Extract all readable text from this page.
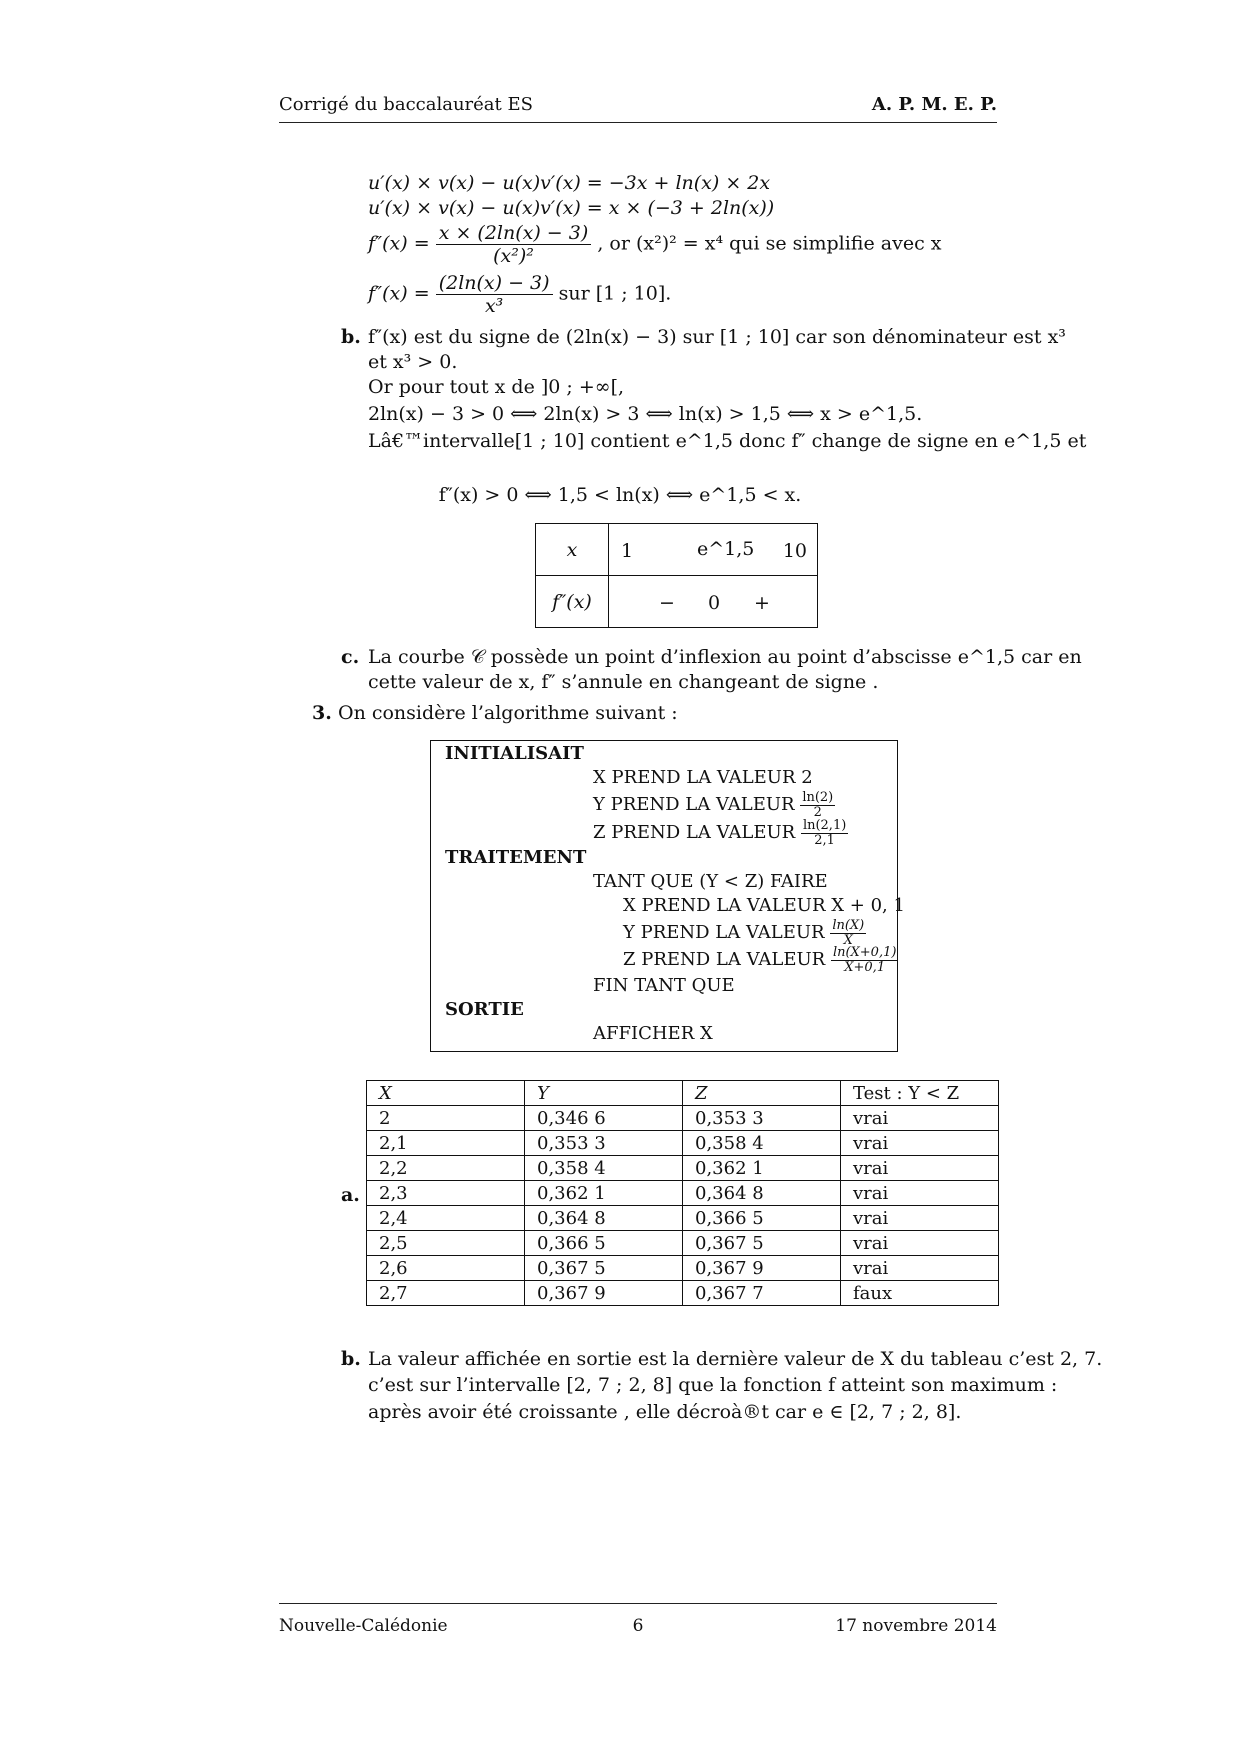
Corrigé du baccalauréat ES	A. P. M. E. P.
u′(x) × v(x) − u(x)v′(x) = −3x + ln(x) × 2x
u′(x) × v(x) − u(x)v′(x) = x × (−3 + 2ln(x))
$f''(x) = \frac{x \times (2\ln(x) - 3)}{\text{(x²)²}}$ , or (x²)² = x⁴ qui se simplifie avec x
$f''(x) = \frac{(2\ln(x) - 3)}{\text{x³}}$ sur [1 ; 10].
b. f″(x) est du signe de (2ln(x) − 3) sur [1 ; 10] car son dénominateur est x³
et x³ > 0.
Or pour tout x de ]0 ; +∞[,
2ln(x) − 3 > 0 ⟺ 2ln(x) > 3 ⟺ ln(x) > 1,5 ⟺ x > e^1,5.
Lâ€™intervalle[1 ; 10] contient e^1,5 donc f″ change de signe en e^1,5 et
f″(x) > 0 ⟺ 1,5 < ln(x) ⟺ e^1,5 < x.
x	1 e^1,5 10

f″(x)	− 0 +
c. La courbe 𝒞 possède un point d’inflexion au point d’abscisse e^1,5 car en
cette valeur de x, f″ s’annule en changeant de signe .
3. On considère l’algorithme suivant :
INITIALISAIT
X PREND LA VALEUR 2
Y PREND LA VALEUR $\frac{\ln(2)}{2}$
Z PREND LA VALEUR $\frac{\ln(2,1)}{2,1}$
TRAITEMENT
TANT QUE (Y < Z) FAIRE
X PREND LA VALEUR X + 0, 1
Y PREND LA VALEUR $\frac{\ln(X)}{X}$
Z PREND LA VALEUR $\frac{\ln(X+0,1)}{X+0,1}$
FIN TANT QUE
SORTIE
AFFICHER X
a.
X	Y	Z	Test : Y < Z
2	0,346 6	0,353 3	vrai
2,1	0,353 3	0,358 4	vrai
2,2	0,358 4	0,362 1	vrai
2,3	0,362 1	0,364 8	vrai
2,4	0,364 8	0,366 5	vrai
2,5	0,366 5	0,367 5	vrai
2,6	0,367 5	0,367 9	vrai
2,7	0,367 9	0,367 7	faux
b. La valeur affichée en sortie est la dernière valeur de X du tableau c’est 2, 7.
c’est sur l’intervalle [2, 7 ; 2, 8] que la fonction f atteint son maximum :
après avoir été croissante , elle décroà®t car e ∈ [2, 7 ; 2, 8].
Nouvelle-Calédonie	6	17 novembre 2014
